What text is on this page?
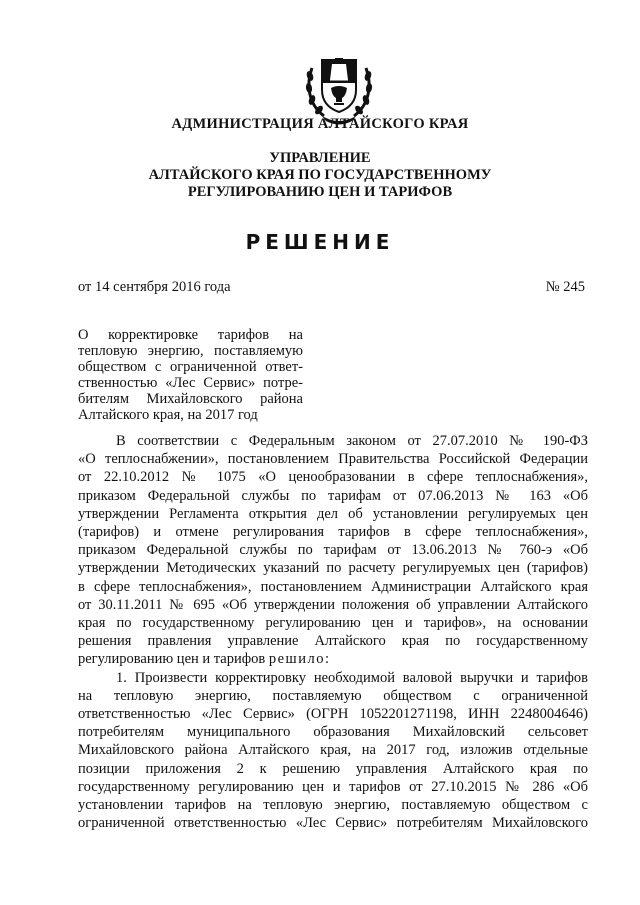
АДМИНИСТРАЦИЯ АЛТАЙСКОГО КРАЯ
УПРАВЛЕНИЕ
АЛТАЙСКОГО КРАЯ ПО ГОСУДАРСТВЕННОМУ
РЕГУЛИРОВАНИЮ ЦЕН И ТАРИФОВ
РЕШЕНИЕ
от 14 сентября 2016 года	№ 245
О корректировке тарифов на
тепловую энергию, поставляемую
обществом с ограниченной ответ-
ственностью «Лес Сервис» потре-
бителям Михайловского района
Алтайского края, на 2017 год
В соответствии с Федеральным законом от 27.07.2010 № 190-ФЗ
«О теплоснабжении», постановлением Правительства Российской Федерации
от 22.10.2012 № 1075 «О ценообразовании в сфере теплоснабжения»,
приказом Федеральной службы по тарифам от 07.06.2013 № 163 «Об
утверждении Регламента открытия дел об установлении регулируемых цен
(тарифов) и отмене регулирования тарифов в сфере теплоснабжения»,
приказом Федеральной службы по тарифам от 13.06.2013 № 760-э «Об
утверждении Методических указаний по расчету регулируемых цен (тарифов)
в сфере теплоснабжения», постановлением Администрации Алтайского края
от 30.11.2011 № 695 «Об утверждении положения об управлении Алтайского
края по государственному регулированию цен и тарифов», на основании
решения правления управление Алтайского края по государственному
регулированию цен и тарифов решило:
1. Произвести корректировку необходимой валовой выручки и тарифов
на тепловую энергию, поставляемую обществом с ограниченной
ответственностью «Лес Сервис» (ОГРН 1052201271198, ИНН 2248004646)
потребителям муниципального образования Михайловский сельсовет
Михайловского района Алтайского края, на 2017 год, изложив отдельные
позиции приложения 2 к решению управления Алтайского края по
государственному регулированию цен и тарифов от 27.10.2015 № 286 «Об
установлении тарифов на тепловую энергию, поставляемую обществом с
ограниченной ответственностью «Лес Сервис» потребителям Михайловского
